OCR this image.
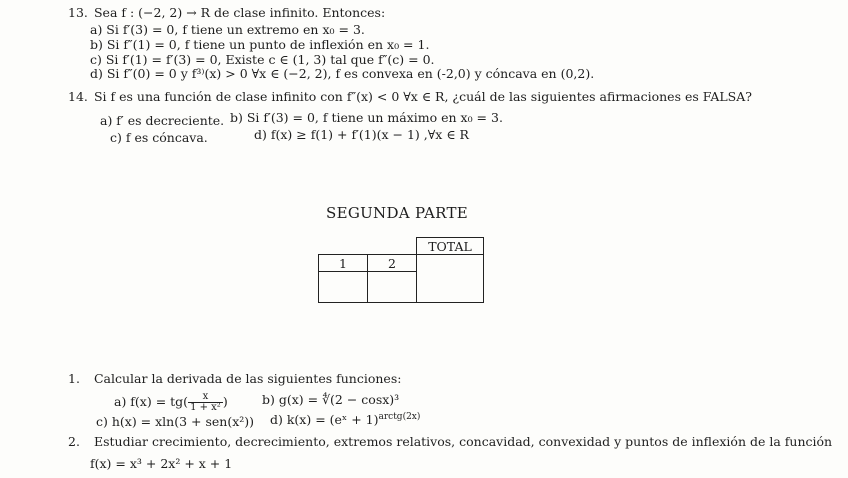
13. Sea f : (−2, 2) → R de clase infinito. Entonces:
a) Si f′(3) = 0, f tiene un extremo en x₀ = 3.
b) Si f″(1) = 0, f tiene un punto de inflexión en x₀ = 1.
c) Si f′(1) = f′(3) = 0, Existe c ∈ (1, 3) tal que f″(c) = 0.
d) Si f″(0) = 0 y f³⁾(x) > 0 ∀x ∈ (−2, 2), f es convexa en (-2,0) y cóncava en (0,2).
14. Si f es una función de clase infinito con f″(x) < 0 ∀x ∈ R, ¿cuál de las siguientes afirmaciones es FALSA?
a) f′ es decreciente. b) Si f′(3) = 0, f tiene un máximo en x₀ = 3.
c) f es cóncava.	d) f(x) ≥ f(1) + f′(1)(x − 1) ,∀x ∈ R
SEGUNDA PARTE
		TOTAL
1	2	

1. Calcular la derivada de las siguientes funciones:
a) $f(x) = tg( \frac{x}{\text{1 + x²}}$ )	b) g(x) = ∜(2 − cosx)³
c) h(x) = xln(3 + sen(x²)) d) k(x) = (eˣ + 1)$^{arctg(2x)}$
2. Estudiar crecimiento, decrecimiento, extremos relativos, concavidad, convexidad y puntos de inflexión de la función
f(x) = x³ + 2x² + x + 1
